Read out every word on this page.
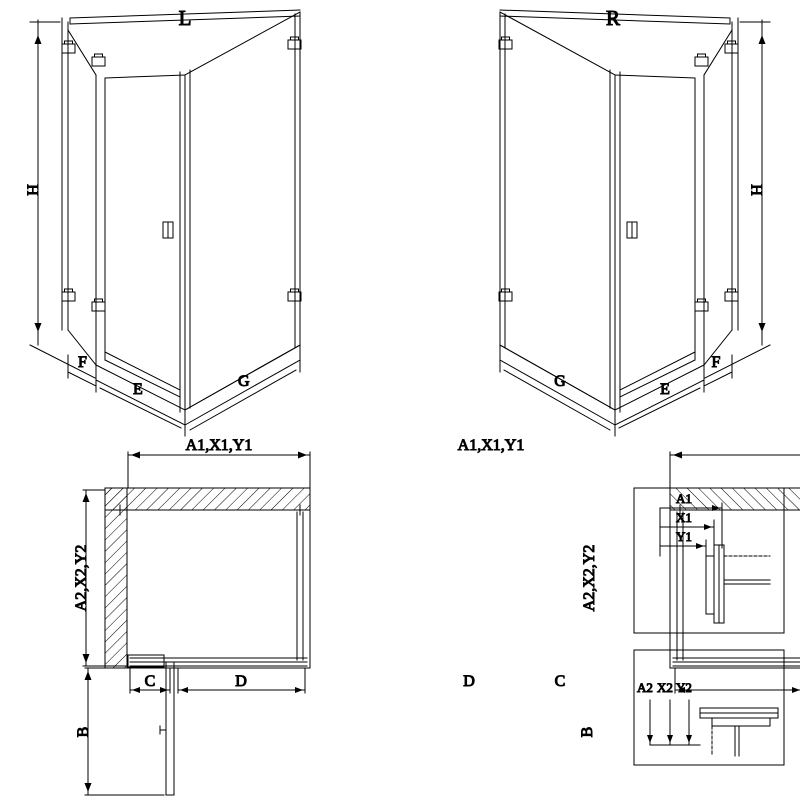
H
F
E	G
L
H
F
E
G
R
A1,X1,Y1
A2,X2,Y2
C	D
B
A1,X1,Y1
A2,X2,Y2
C
D
B
A1
X1
Y1
A2 X2 Y2
